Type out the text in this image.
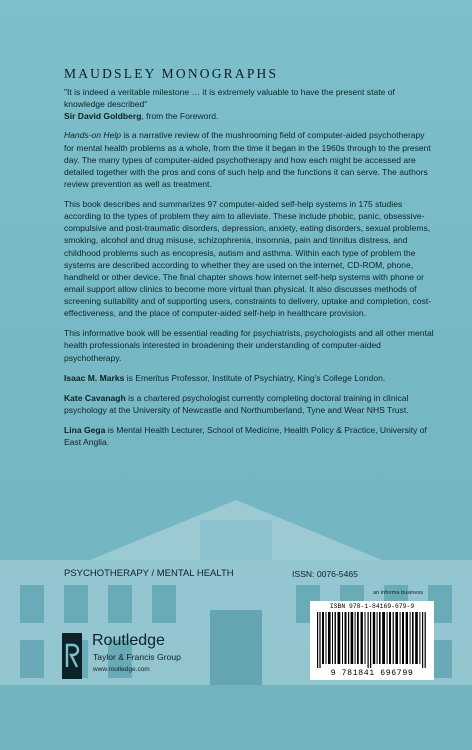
MAUDSLEY MONOGRAPHS

"It is indeed a veritable milestone … it is extremely valuable to have the present state of knowledge described"

Sir David Goldberg, from the Foreword.

Hands-on Help is a narrative review of the mushrooming field of computer-aided psychotherapy for mental health problems as a whole, from the time it began in the 1960s through to the present day. The many types of computer-aided psychotherapy and how each might be accessed are detailed together with the pros and cons of such help and the functions it can serve. The authors review prevention as well as treatment.

This book describes and summarizes 97 computer-aided self-help systems in 175 studies according to the types of problem they aim to alleviate. These include phobic, panic, obsessive-compulsive and post-traumatic disorders, depression, anxiety, eating disorders, sexual problems, smoking, alcohol and drug misuse, schizophrenia, insomnia, pain and tinnitus distress, and childhood problems such as encopresis, autism and asthma. Within each type of problem the systems are described according to whether they are used on the internet, CD-ROM, phone, handheld or other device. The final chapter shows how internet self-help systems with phone or email support allow clinics to become more virtual than physical. It also discusses methods of screening suitability and of supporting users, constraints to delivery, uptake and completion, cost-effectiveness, and the place of computer-aided self-help in healthcare provision.

This informative book will be essential reading for psychiatrists, psychologists and all other mental health professionals interested in broadening their understanding of computer-aided psychotherapy.

Isaac M. Marks is Emeritus Professor, Institute of Psychiatry, King's College London.

Kate Cavanagh is a chartered psychologist currently completing doctoral training in clinical psychology at the University of Newcastle and Northumberland, Tyne and Wear NHS Trust.

Lina Gega is Mental Health Lecturer, School of Medicine, Health Policy & Practice, University of East Anglia.

PSYCHOTHERAPY / MENTAL HEALTH	ISSN: 0076-5465
an informa business
ISBN 978-1-84169-679-9
9 781841 696799
Routledge
Taylor & Francis Group
www.routledge.com
